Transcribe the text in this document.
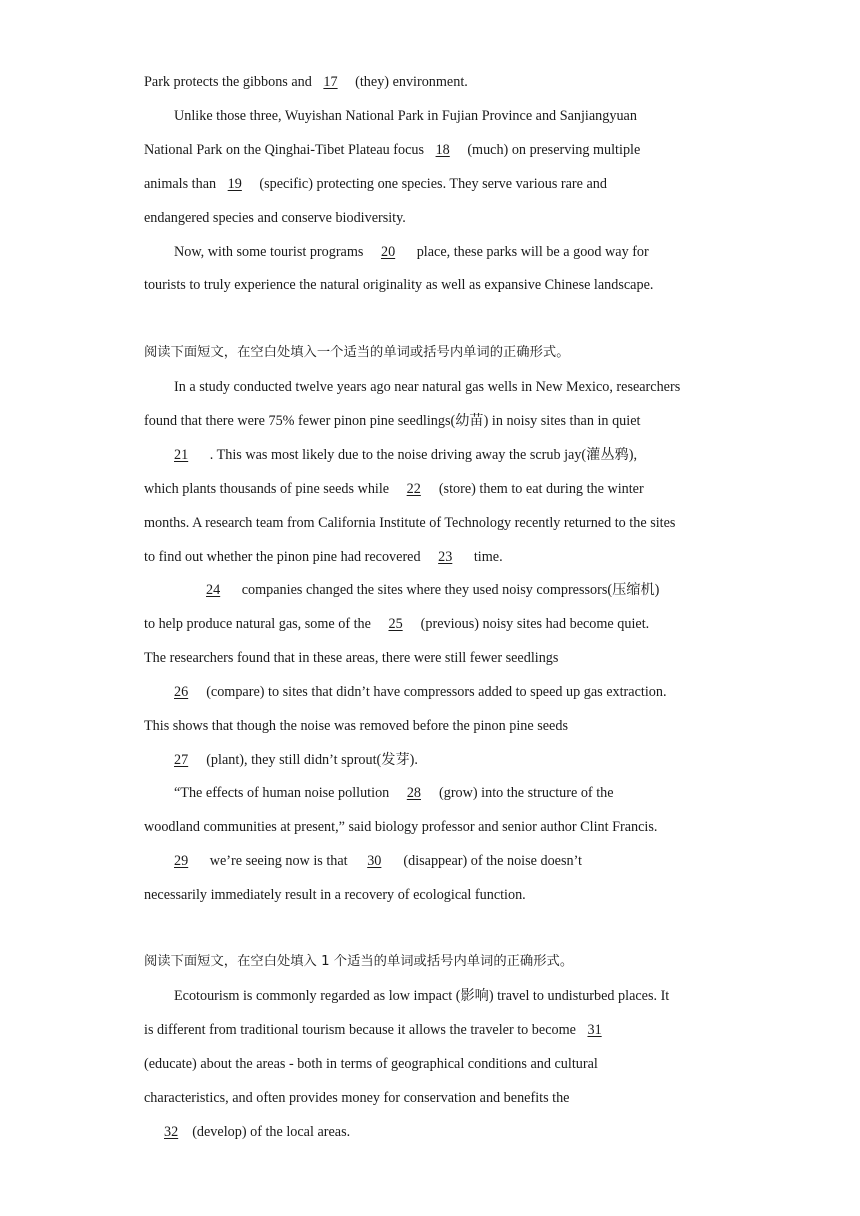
Park protects the gibbons and 17 (they) environment.
Unlike those three, Wuyishan National Park in Fujian Province and Sanjiangyuan
National Park on the Qinghai-Tibet Plateau focus 18 (much) on preserving multiple
animals than 19 (specific) protecting one species. They serve various rare and
endangered species and conserve biodiversity.
Now, with some tourist programs 20 place, these parks will be a good way for
tourists to truly experience the natural originality as well as expansive Chinese landscape.
阅读下面短文，在空白处填入一个适当的单词或括号内单词的正确形式。
In a study conducted twelve years ago near natural gas wells in New Mexico, researchers
found that there were 75% fewer pinon pine seedlings(幼苗) in noisy sites than in quiet
21 . This was most likely due to the noise driving away the scrub jay(灌丛鸦),
which plants thousands of pine seeds while 22 (store) them to eat during the winter
months. A research team from California Institute of Technology recently returned to the sites
to find out whether the pinon pine had recovered 23 time.
24 companies changed the sites where they used noisy compressors(压缩机)
to help produce natural gas, some of the 25 (previous) noisy sites had become quiet.
The researchers found that in these areas, there were still fewer seedlings
26 (compare) to sites that didn’t have compressors added to speed up gas extraction.
This shows that though the noise was removed before the pinon pine seeds
27 (plant), they still didn’t sprout(发芽).
“The effects of human noise pollution 28 (grow) into the structure of the
woodland communities at present,” said biology professor and senior author Clint Francis.
29 we’re seeing now is that 30 (disappear) of the noise doesn’t
necessarily immediately result in a recovery of ecological function.
阅读下面短文，在空白处填入 1 个适当的单词或括号内单词的正确形式。
Ecotourism is commonly regarded as low impact (影响) travel to undisturbed places. It
is different from traditional tourism because it allows the traveler to become 31
(educate) about the areas - both in terms of geographical conditions and cultural
characteristics, and often provides money for conservation and benefits the
32 (develop) of the local areas.
